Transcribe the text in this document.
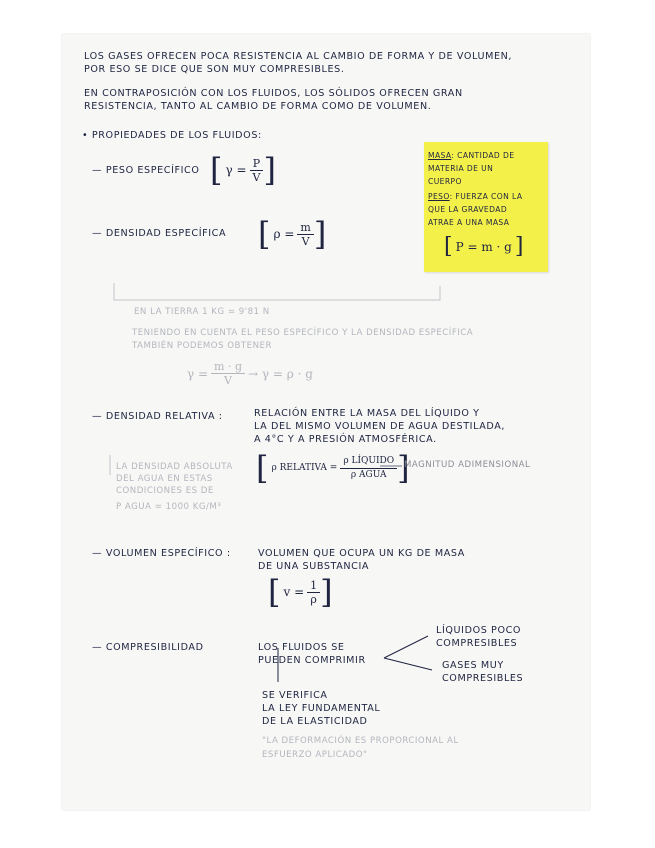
LOS GASES OFRECEN POCA RESISTENCIA AL CAMBIO DE FORMA Y DE VOLUMEN,

POR ESO SE DICE QUE SON MUY COMPRESIBLES.

EN CONTRAPOSICIÓN CON LOS FLUIDOS, LOS SÓLIDOS OFRECEN GRAN

RESISTENCIA, TANTO AL CAMBIO DE FORMA COMO DE VOLUMEN.

• PROPIEDADES DE LOS FLUIDOS:

— PESO ESPECÍFICO [ $\gamma = \frac{P}{V}$ ]

— DENSIDAD ESPECÍFICA [ $\rho = \frac{m}{V}$ ]

MASA: CANTIDAD DE

MATERIA DE UN

CUERPO

PESO: FUERZA CON LA

QUE LA GRAVEDAD

ATRAE A UNA MASA

[ P = m · g ]

EN LA TIERRA 1 KG = 9'81 N

TENIENDO EN CUENTA EL PESO ESPECÍFICO Y LA DENSIDAD ESPECÍFICA

TAMBIÉN PODEMOS OBTENER

$\gamma = \frac{m \cdot g}{V} \to \gamma = \rho \cdot g$

— DENSIDAD RELATIVA :	RELACIÓN ENTRE LA MASA DEL LÍQUIDO Y

LA DEL MISMO VOLUMEN DE AGUA DESTILADA,

A 4°C Y A PRESIÓN ATMOSFÉRICA.

[ ρ RELATIVA = $\frac{\text{ρ LÍQUIDO}}{\text{ρ AGUA}}$ ]

MAGNITUD ADIMENSIONAL

LA DENSIDAD ABSOLUTA

DEL AGUA EN ESTAS

CONDICIONES ES DE

Ρ AGUA = 1000 KG/M³

— VOLUMEN ESPECÍFICO :	VOLUMEN QUE OCUPA UN KG DE MASA

DE UNA SUBSTANCIA

[ $v = \frac{1}{\rho}$ ]

— COMPRESIBILIDAD	LOS FLUIDOS SE

PUEDEN COMPRIMIR

LÍQUIDOS POCO

COMPRESIBLES

GASES MUY

COMPRESIBLES

SE VERIFICA

LA LEY FUNDAMENTAL

DE LA ELASTICIDAD

"LA DEFORMACIÓN ES PROPORCIONAL AL

ESFUERZO APLICADO"
